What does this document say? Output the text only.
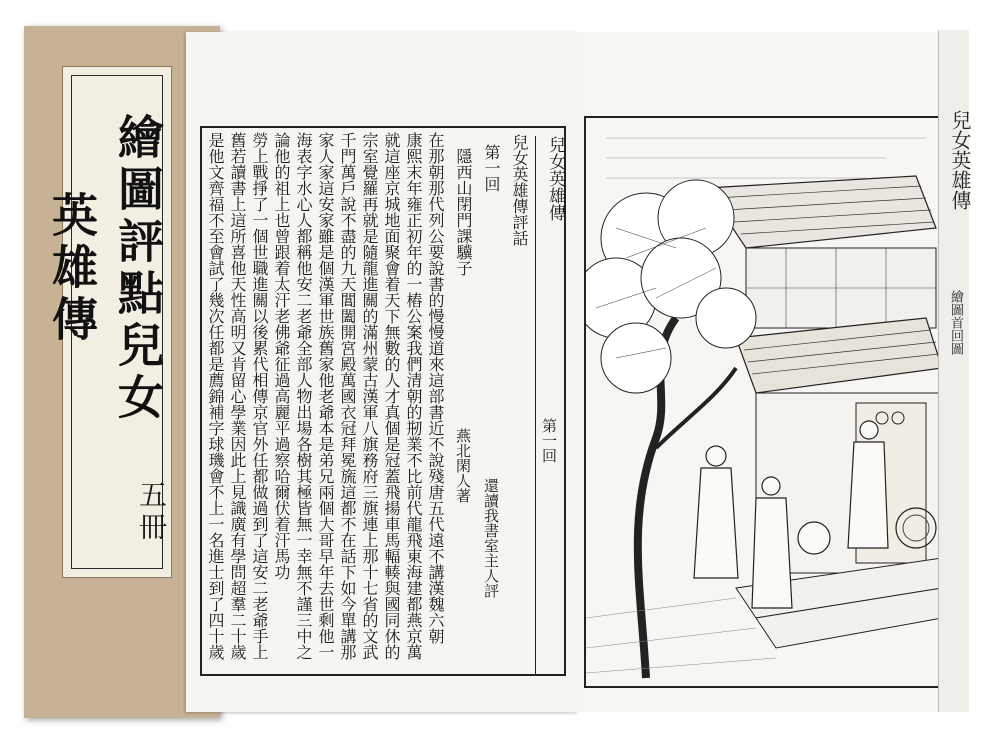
繪圖評點兒女英雄傳
五冊
兒女英雄傳
第一回
兒女英雄傳評話
第一回
隱西山閉門課驥子
燕北閑人著
還讀我書室主人評
在那朝那代列公要說書的慢慢道來這部書近不說殘唐五代遠不講漢魏六朝
康熙末年雍正初年的一樁公案我們清朝的剏業不比前代龍飛東海建都燕京萬
就這座京城地面聚會着天下無數的人才真個是冠蓋飛揚車馬輻輳與國同休的
宗室覺羅再就是隨龍進關的滿州蒙古漢軍八旗務府三旗連上那十七省的文武
千門萬戶說不盡的九天閶闔開宮殿萬國衣冠拜冕旒這都不在話下如今單講那
家人家這安家雖是個漢軍世族舊家他老爺本是弟兄兩個大哥早年去世剩他一
海表字水心人都稱他安二老爺全部人物出場各樹其極皆無一幸無不謹三中之
論他的祖上也曾跟着太汗老佛爺征過高麗平過察哈爾伏着汗馬功
勞上戰掙了一個世職進關以後累代相傳京官外任都做過到了這安二老爺手上
舊若讀書上這所喜他天性高明又肯留心學業因此上見識廣有學問超羣二十歲
是他文齊福不至會試了幾次任都是薦錦補字球璣會不上一名進士到了四十歲	兒女英雄傳
繪圖首回圖
